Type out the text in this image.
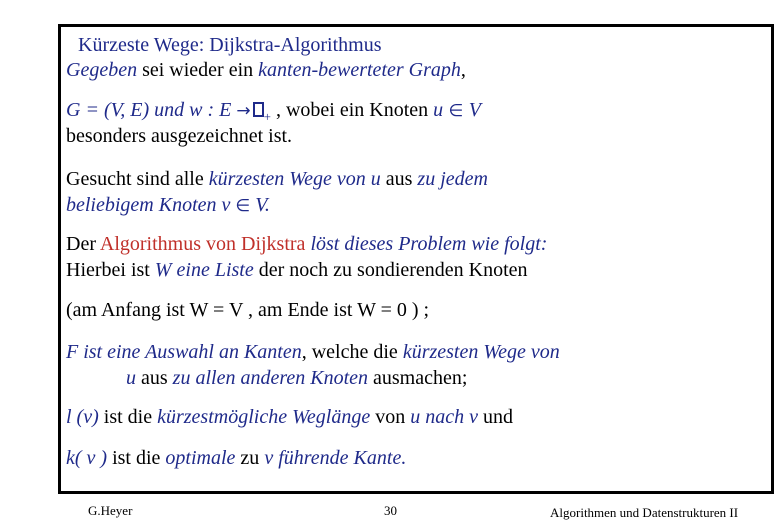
Kürzeste Wege: Dijkstra-Algorithmus
Gegeben sei wieder ein kanten-bewerteter Graph,
G = (V, E) und w : E → $_+$ , wobei ein Knoten u ∈ V
besonders ausgezeichnet ist.
Gesucht sind alle kürzesten Wege von u aus zu jedem
beliebigem Knoten v ∈ V.
Der Algorithmus von Dijkstra löst dieses Problem wie folgt:
Hierbei ist W eine Liste der noch zu sondierenden Knoten
(am Anfang ist W = V , am Ende ist W = 0 ) ;
F ist eine Auswahl an Kanten, welche die kürzesten Wege von
u aus zu allen anderen Knoten ausmachen;
l (v) ist die kürzestmögliche Weglänge von u nach v und
k( v ) ist die optimale zu v führende Kante.
G.Heyer	30	Algorithmen und Datenstrukturen II
